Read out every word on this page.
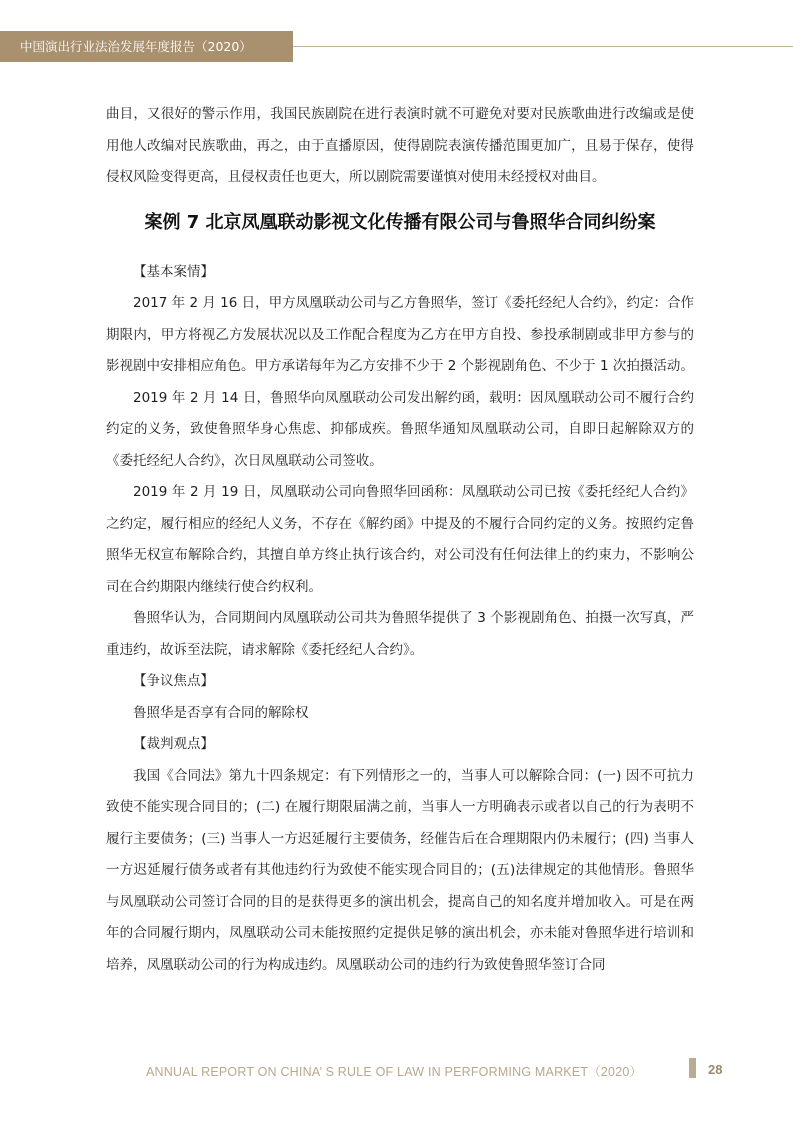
中国演出行业法治发展年度报告（2020）

曲目，又很好的警示作用，我国民族剧院在进行表演时就不可避免对要对民族歌曲进行改编或是使用他人改编对民族歌曲，再之，由于直播原因，使得剧院表演传播范围更加广，且易于保存，使得侵权风险变得更高，且侵权责任也更大，所以剧院需要谨慎对使用未经授权对曲目。

案例 7 北京凤凰联动影视文化传播有限公司与鲁照华合同纠纷案

【基本案情】

2017 年 2 月 16 日，甲方凤凰联动公司与乙方鲁照华，签订《委托经纪人合约》，约定：合作期限内，甲方将视乙方发展状况以及工作配合程度为乙方在甲方自投、参投承制剧或非甲方参与的影视剧中安排相应角色。甲方承诺每年为乙方安排不少于 2 个影视剧角色、不少于 1 次拍摄活动。

2019 年 2 月 14 日，鲁照华向凤凰联动公司发出解约函，载明：因凤凰联动公司不履行合约约定的义务，致使鲁照华身心焦虑、抑郁成疾。鲁照华通知凤凰联动公司，自即日起解除双方的《委托经纪人合约》，次日凤凰联动公司签收。

2019 年 2 月 19 日，凤凰联动公司向鲁照华回函称：凤凰联动公司已按《委托经纪人合约》之约定，履行相应的经纪人义务，不存在《解约函》中提及的不履行合同约定的义务。按照约定鲁照华无权宣布解除合约，其擅自单方终止执行该合约，对公司没有任何法律上的约束力，不影响公司在合约期限内继续行使合约权利。

鲁照华认为，合同期间内凤凰联动公司共为鲁照华提供了 3 个影视剧角色、拍摄一次写真，严重违约，故诉至法院，请求解除《委托经纪人合约》。

【争议焦点】

鲁照华是否享有合同的解除权

【裁判观点】

我国《合同法》第九十四条规定：有下列情形之一的，当事人可以解除合同：(一) 因不可抗力致使不能实现合同目的；(二) 在履行期限届满之前，当事人一方明确表示或者以自己的行为表明不履行主要债务；(三) 当事人一方迟延履行主要债务，经催告后在合理期限内仍未履行；(四) 当事人一方迟延履行债务或者有其他违约行为致使不能实现合同目的；(五)法律规定的其他情形。鲁照华与凤凰联动公司签订合同的目的是获得更多的演出机会，提高自己的知名度并增加收入。可是在两年的合同履行期内，凤凰联动公司未能按照约定提供足够的演出机会，亦未能对鲁照华进行培训和培养，凤凰联动公司的行为构成违约。凤凰联动公司的违约行为致使鲁照华签订合同

ANNUAL REPORT ON CHINA’ S RULE OF LAW IN PERFORMING MARKET（2020）	28
